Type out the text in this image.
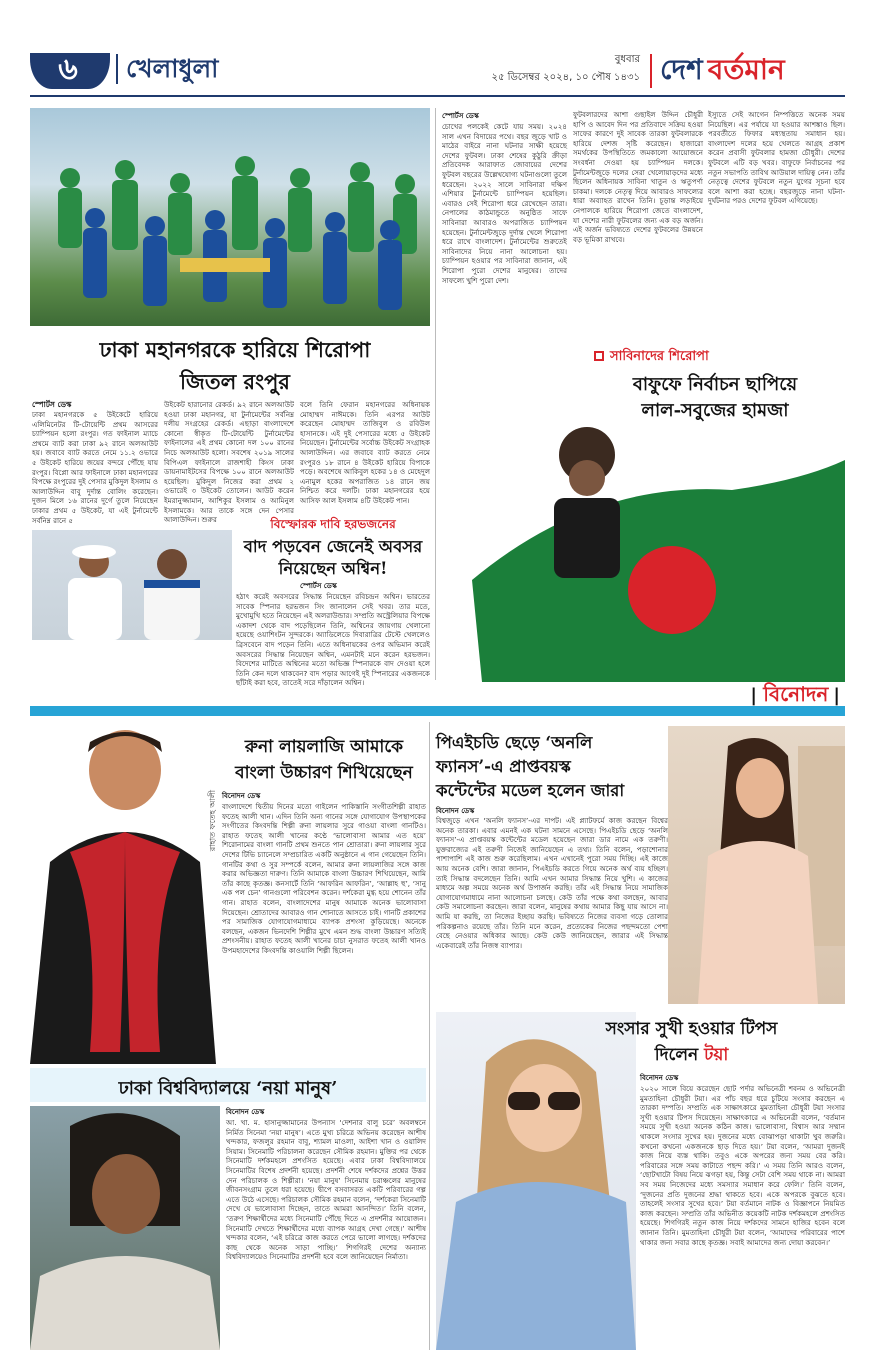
৬	খেলাধুলা	বুধবার
২৫ ডিসেম্বর ২০২৪, ১০ পৌষ ১৪৩১ দেশ বর্তমান
ঢাকা মহানগরকে হারিয়ে শিরোপা
জিতল রংপুর
স্পোর্টস ডেস্ক
ঢাকা মহানগরকে ৫ উইকেটে হারিয়ে এলিমিনেটর টি-টোয়েন্টি প্রথম আসরের চ্যাম্পিয়ন হলো রংপুর। গত ফাইনাল ম্যাচে প্রথমে ব্যাট করা ঢাকা ৯২ রানে অলআউট হয়। জবাবে ব্যাট করতে নেমে ১১.২ ওভারে ৫ উইকেট হারিয়ে জয়ের বন্দরে পৌঁছে যায় রংপুর। বিপ্লো আর ফাইনালে ঢাকা মহানগরের বিপক্ষে রংপুরের দুই পেসার মুকিদুল ইসলাম ও আলাউদ্দিন বাবু দুর্দান্ত বোলিং করেছেন। দুজন মিলে ১৬ রানের দুর্গে তুলে নিয়েছেন ঢাকার প্রথম ৫ উইকেট, যা এই টুর্নামেন্টে সর্বনিম্ন রানে ৫
উইকেট হারানোর রেকর্ড। ৯২ রানে অলআউট হওয়া ঢাকা মহানগর, যা টুর্নামেন্টের সর্বনিম্ন দলীয় সংগ্রহের রেকর্ড। এছাড়া বাংলাদেশে কোনো স্বীকৃত টি-টোয়েন্টি টুর্নামেন্টের ফাইনালের এই প্রথম কোনো দল ১০০ রানের নিচে অলআউট হলো। সবশেষ ২০১৯ সালের বিপিএল ফাইনালে রাজশাহী কিংস ঢাকা ডায়নামাইটসের বিপক্ষে ১০০ রানে অলআউট হয়েছিল। মুকিদুল নিজের করা প্রথম ২ ওভারেই ৩ উইকেট তোলেন। আউট করেন ইমরানুজ্জামান, আশিকুর ইসলাম ও আমিনুল ইসলামকে। আর তাকে সঙ্গে দেন পেসার আলাউদ্দিন। শুরুর
বলে তিনি ফেরান মহানগরের অধিনায়ক মোহাম্মদ নাঈমকে। তিনি এরপর আউট করেছেন মোহাম্মদ তাজিবুল ও রবিউল হাসানকে। এই দুই পেসারের মধ্যে ৫ উইকেট নিয়েছেন। টুর্নামেন্টের সর্বোচ্চ উইকেট সংগ্রাহক আলাউদ্দিন। এর জবাবে ব্যাট করতে নেমে রংপুরও ১৮ রানে ৪ উইকেট হারিয়ে বিপাকে পড়ে। অবশেষে আকিবুল হকের ১৪ ও মেহেদুল এনামুল হকের অপরাজিত ১৪ রানে জয় নিশ্চিত করে দলটি। ঢাকা মহানগরের হয়ে আসিফ আল ইসলাম ৪টি উইকেট পান।
বিস্ফোরক দাবি হরভজনের
বাদ পড়বেন জেনেই অবসর
নিয়েছেন অশ্বিন!
স্পোর্টস ডেস্ক
হঠাৎ করেই অবসরের সিদ্ধান্ত নিয়েছেন রবিচন্দ্রন অশ্বিন। ভারতের সাবেক স্পিনার হরভজন সিং জানালেন সেই খবর। তার মতে, মুখোমুখি হতে নিয়েছেন এই অলরাউন্ডার। সম্প্রতি অস্ট্রেলিয়ার বিপক্ষে একাদশ থেকে বাদ পড়েছিলেন তিনি, অশ্বিনের জায়গায় খেলানো হয়েছে ওয়াশিংটন সুন্দরকে। অ্যাডিলেডে দিবারাত্রির টেস্টে খেললেও ব্রিসবেনে বাদ পড়েন তিনি। এতে অধিনায়কের ওপর অভিমান করেই অবসরের সিদ্ধান্ত নিয়েছেন অশ্বিন, এমনটাই মনে করেন হরভজন। বিদেশের মাটিতে অশ্বিনের মতো অভিজ্ঞ স্পিনারকে বাদ দেওয়া হলে তিনি কেন দলে থাকবেন? বাদ পড়ার আগেই দুই স্পিনারের একজনকে ছাঁটাই করা হবে, তাতেই সরে দাঁড়ালেন অশ্বিন।
স্পোর্টস ডেস্ক
চোখের পলকেই কেটে যায় সময়। ২০২৪ সাল এখন বিদায়ের পথে। বছর জুড়ে খাট ও মাঠের বাইরে নানা ঘটনার সাক্ষী হয়েছে দেশের ফুটবল। ঢাকা শেষের কুঠুরি ক্রীড়া প্রতিবেদক আরাফাত জোবায়ের দেশের ফুটবল বছরের উল্লেখযোগ্য ঘটনাগুলো তুলে ধরেছেন। ২০২২ সালে সাবিনারা দক্ষিণ এশিয়ার টুর্নামেন্টে চ্যাম্পিয়ন হয়েছিল। এবারও সেই শিরোপা ধরে রেখেছেন তারা। নেপালের কাঠমান্ডুতে অনুষ্ঠিত সাফে সাবিনারা আবারও অপরাজিত চ্যাম্পিয়ন হয়েছেন। টুর্নামেন্টজুড়ে দুর্দান্ত খেলে শিরোপা ধরে রাখে বাংলাদেশ। টুর্নামেন্টের শুরুতেই সাবিনাদের নিয়ে নানা আলোচনা হয়। চ্যাম্পিয়ন হওয়ার পর সাবিনারা জানান, এই শিরোপা পুরো দেশের মানুষের। তাদের সাফল্যে খুশি পুরো দেশ।
ফুটবলারদের আশা গুছাইল উদ্দিন চৌধুরী হাপি ও আবেদ দিন পর প্রতিবাদে সক্রিয় হওয়া সাফের কারণে দুই সাবেক তারকা ফুটবলারকে হারিয়ে দেশজ সৃষ্টি করেছেন। হাজারো সমর্থকের উপস্থিতিতে জমকালো আয়োজনে সংবর্ধনা দেওয়া হয় চ্যাম্পিয়ন দলকে। টুর্নামেন্টজুড়ে দলের সেরা খেলোয়াড়দের মধ্যে ছিলেন অধিনায়ক সাবিনা খাতুন ও ঋতুপর্ণা চাকমা। দলকে নেতৃত্ব দিয়ে আবারও সাফল্যের ধারা অব্যাহত রাখেন তিনি। চূড়ান্ত লড়াইয়ে নেপালকে হারিয়ে শিরোপা জেতে বাংলাদেশ, যা দেশের নারী ফুটবলের জন্য এক বড় অর্জন। এই অর্জন ভবিষ্যতে দেশের ফুটবলের উন্নয়নে বড় ভূমিকা রাখবে।
ইস্যুতে সেই আগেন নিম্পত্তিতে অনেক সময় নিয়েছিল। এর পর্যায়ে যা হওয়ার আশঙ্কাও ছিল। পরবর্তীতে ফিফার মধ্যস্থতায় সমাধান হয়। বাংলাদেশ দলের হয়ে খেলতে আগ্রহ প্রকাশ করেন প্রবাসী ফুটবলার হামজা চৌধুরী। দেশের ফুটবলে এটি বড় খবর। বাফুফে নির্বাচনের পর নতুন সভাপতি তাবিথ আউয়াল দায়িত্ব নেন। তাঁর নেতৃত্বে দেশের ফুটবলে নতুন যুগের সূচনা হবে বলে আশা করা হচ্ছে। বছরজুড়ে নানা ঘটনা-দুর্ঘটনার পরও দেশের ফুটবল এগিয়েছে।
সাবিনাদের শিরোপা
বাফুফে নির্বাচন ছাপিয়ে
লাল-সবুজের হামজা
| বিনোদন |
রাহাত ফতেহ আলী
রুনা লায়লাজি আমাকে
বাংলা উচ্চারণ শিখিয়েছেন
বিনোদন ডেস্ক
বাংলাদেশে দ্বিতীয় দিনের মতো গাইলেন পাকিস্তানি সংগীতশিল্পী রাহাত ফতেহ আলী খান। এদিন তিনি অন্য গানের সঙ্গে যোগাযোগ উপস্থাপকের সংগীতের কিংবদন্তি শিল্পী রুনা লায়লার সুরে গাওয়া বাংলা গানটিও। রাহাত ফতেহ আলী খানের কণ্ঠে ‘ভালোবাসা আমার এত হয়ে’ শিরোনামের বাংলা গানটি প্রথম শুনতে পান শ্রোতারা। রুনা লায়লার সুরে দেশের টিভি চ্যানেলে সম্প্রচারিত একটি অনুষ্ঠানে এ গান গেয়েছেন তিনি। গানটির কথা ও সুর সম্পর্কে বলেন, আমার রুনা লায়লাজির সঙ্গে কাজ করার অভিজ্ঞতা দারুণ। তিনি আমাকে বাংলা উচ্চারণ শিখিয়েছেন, আমি তাঁর কাছে কৃতজ্ঞ। কনসার্টে তিনি ‘আফরিন আফরিন’, ‘আল্লাহ হু’, ‘সানু এক পল চেন’ গানগুলো পরিবেশন করেন। দর্শকেরা মুগ্ধ হয়ে শোনেন তাঁর গান। রাহাত বলেন, বাংলাদেশের মানুষ আমাকে অনেক ভালোবাসা দিয়েছেন। শ্রোতাদের আবারও গান শোনাতে আসতে চাই। গানটি প্রকাশের পর সামাজিক যোগাযোগমাধ্যমে ব্যাপক প্রশংসা কুড়িয়েছে। অনেকে বলছেন, একজন ভিনদেশি শিল্পীর মুখে এমন শুদ্ধ বাংলা উচ্চারণ সত্যিই প্রশংসনীয়। রাহাত ফতেহ আলী খানের চাচা নুসরাত ফতেহ আলী খানও উপমহাদেশের কিংবদন্তি কাওয়ালি শিল্পী ছিলেন।
পিএইচডি ছেড়ে ‘অনলি
ফ্যানস’-এ প্রাপ্তবয়স্ক
কন্টেন্টের মডেল হলেন জারা
বিনোদন ডেস্ক
বিশ্বজুড়ে এখন ‘অনলি ফ্যানস’-এর দাপট। এই প্ল্যাটফর্মে কাজ করছেন বিশ্বের অনেক তারকা। এবার এমনই এক ঘটনা সামনে এসেছে। পিএইচডি ছেড়ে ‘অনলি ফ্যানস’-এ প্রাপ্তবয়স্ক কন্টেন্টের মডেল হয়েছেন জারা ডার নামে এক তরুণী। যুক্তরাজ্যের এই তরুণী নিজেই জানিয়েছেন এ তথ্য। তিনি বলেন, পড়াশোনার পাশাপাশি এই কাজ শুরু করেছিলাম। এখন এখানেই পুরো সময় দিচ্ছি। এই কাজে আয় অনেক বেশি। জারা জানান, পিএইচডি করতে গিয়ে অনেক অর্থ ব্যয় হচ্ছিল। তাই সিদ্ধান্ত বদলেছেন তিনি। আমি এখন আমার সিদ্ধান্ত নিয়ে খুশি। এ কাজের মাধ্যমে অল্প সময়ে অনেক অর্থ উপার্জন করছি। তাঁর এই সিদ্ধান্ত নিয়ে সামাজিক যোগাযোগমাধ্যমে নানা আলোচনা চলছে। কেউ তাঁর পক্ষে কথা বলছেন, আবার কেউ সমালোচনা করছেন। জারা বলেন, মানুষের কথায় আমার কিছু যায় আসে না। আমি যা করছি, তা নিজের ইচ্ছায় করছি। ভবিষ্যতে নিজের ব্যবসা গড়ে তোলার পরিকল্পনাও রয়েছে তাঁর। তিনি মনে করেন, প্রত্যেকের নিজের পছন্দমতো পেশা বেছে নেওয়ার অধিকার আছে। কেউ কেউ জানিয়েছেন, জারার এই সিদ্ধান্ত একেবারেই তাঁর নিজস্ব ব্যাপার।
সংসার সুখী হওয়ার টিপস
দিলেন টয়া
বিনোদন ডেস্ক
২০২০ সালে বিয়ে করেছেন ছোট পর্দার অভিনেত্রী শবনম ও অভিনেত্রী মুমতাহিনা চৌধুরী টয়া। এর পাঁচ বছর ধরে চুটিয়ে সংসার করছেন এ তারকা দম্পতি। সম্প্রতি এক সাক্ষাৎকারে মুমতাহিনা চৌধুরী টয়া সংসার সুখী হওয়ার টিপস দিয়েছেন। সাক্ষাৎকারে এ অভিনেত্রী বলেন, ‘বর্তমান সময়ে সুখী হওয়া অনেক কঠিন কাজ। ভালোবাসা, বিশ্বাস আর সম্মান থাকলে সংসার সুখের হয়। দুজনের মধ্যে বোঝাপড়া থাকাটা খুব জরুরি। কখনো কখনো একজনকে ছাড় দিতে হয়।’ টয়া বলেন, ‘আমরা দুজনই কাজ নিয়ে ব্যস্ত থাকি। তবুও একে অপরের জন্য সময় বের করি। পরিবারের সঙ্গে সময় কাটাতে পছন্দ করি।’ এ সময় তিনি আরও বলেন, ‘ছোটখাটো বিষয় নিয়ে ঝগড়া হয়, কিন্তু সেটা বেশি সময় থাকে না। আমরা সব সময় নিজেদের মধ্যে সমস্যার সমাধান করে ফেলি।’ তিনি বলেন, ‘দুজনের প্রতি দুজনের শ্রদ্ধা থাকতে হবে। একে অপরকে বুঝতে হবে। তাহলেই সংসার সুখের হবে।’ টয়া বর্তমানে নাটক ও বিজ্ঞাপনে নিয়মিত কাজ করছেন। সম্প্রতি তাঁর অভিনীত কয়েকটি নাটক দর্শকমহলে প্রশংসিত হয়েছে। শিগগিরই নতুন কাজ নিয়ে দর্শকদের সামনে হাজির হবেন বলে জানান তিনি। মুমতাহিনা চৌধুরী টয়া বলেন, ‘আমাদের পরিবারের পাশে থাকার জন্য সবার কাছে কৃতজ্ঞ। সবাই আমাদের জন্য দোয়া করবেন।’
ঢাকা বিশ্ববিদ্যালয়ে ‘নয়া মানুষ’
বিনোদন ডেস্ক
আ. খা. ম. হাসানুজ্জামানের উপন্যাস ‘দেশনার বালু চরে’ অবলম্বনে নির্মিত সিনেমা ‘নয়া মানুষ’। এতে মুখ্য চরিত্রে অভিনয় করেছেন আশীষ খন্দকার, ফজলুর রহমান বাবু, শ্যামল মাওলা, আইশা খান ও ওয়ালিদ সিয়াম। সিনেমাটি পরিচালনা করেছেন সৌমিক রহমান। মুক্তির পর থেকে সিনেমাটি দর্শকমহলে প্রশংসিত হয়েছে। এবার ঢাকা বিশ্ববিদ্যালয়ে সিনেমাটির বিশেষ প্রদর্শনী হয়েছে। প্রদর্শনী শেষে দর্শকদের প্রশ্নের উত্তর দেন পরিচালক ও শিল্পীরা। ‘নয়া মানুষ’ সিনেমায় চরাঞ্চলের মানুষের জীবনসংগ্রাম তুলে ধরা হয়েছে। দ্বীপে বসবাসরত একটি পরিবারের গল্প এতে উঠে এসেছে। পরিচালক সৌমিক রহমান বলেন, ‘দর্শকেরা সিনেমাটি দেখে যে ভালোবাসা দিচ্ছেন, তাতে আমরা আনন্দিত।’ তিনি বলেন, ‘তরুণ শিক্ষার্থীদের মধ্যে সিনেমাটি পৌঁছে দিতে এ প্রদর্শনীর আয়োজন। সিনেমাটি দেখতে শিক্ষার্থীদের মধ্যে ব্যাপক আগ্রহ দেখা গেছে।’ আশীষ খন্দকার বলেন, ‘এই চরিত্রে কাজ করতে পেরে ভালো লাগছে। দর্শকদের কাছ থেকে অনেক সাড়া পাচ্ছি।’ শিগগিরই দেশের অন্যান্য বিশ্ববিদ্যালয়েও সিনেমাটির প্রদর্শনী হবে বলে জানিয়েছেন নির্মাতা।
